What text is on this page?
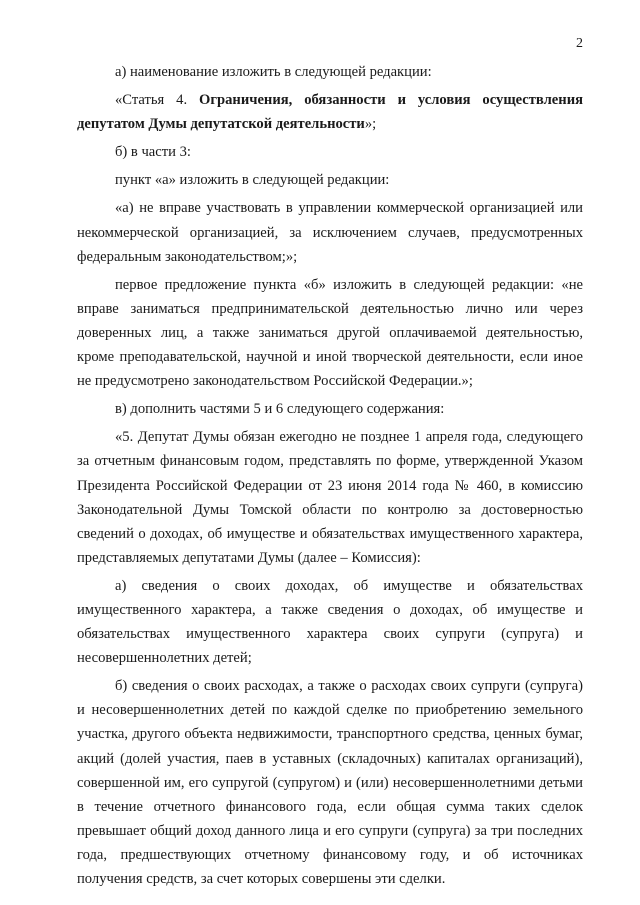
2

а) наименование изложить в следующей редакции:

«Статья 4. Ограничения, обязанности и условия осуществления

депутатом Думы депутатской деятельности»;

б) в части 3:

пункт «а» изложить в следующей редакции:

«а) не вправе участвовать в управлении коммерческой организацией или некоммерческой организацией, за исключением случаев, предусмотренных федеральным законодательством;»;

первое предложение пункта «б» изложить в следующей редакции: «не вправе заниматься предпринимательской деятельностью лично или через доверенных лиц, а также заниматься другой оплачиваемой деятельностью, кроме преподавательской, научной и иной творческой деятельности, если иное не предусмотрено законодательством Российской Федерации.»;

в) дополнить частями 5 и 6 следующего содержания:

«5. Депутат Думы обязан ежегодно не позднее 1 апреля года, следующего за отчетным финансовым годом, представлять по форме, утвержденной Указом Президента Российской Федерации от 23 июня 2014 года № 460, в комиссию Законодательной Думы Томской области по контролю за достоверностью сведений о доходах, об имуществе и обязательствах имущественного характера, представляемых депутатами Думы (далее – Комиссия):

а) сведения о своих доходах, об имуществе и обязательствах имущественного характера, а также сведения о доходах, об имуществе и обязательствах имущественного характера своих супруги (супруга) и несовершеннолетних детей;

б) сведения о своих расходах, а также о расходах своих супруги (супруга) и несовершеннолетних детей по каждой сделке по приобретению земельного участка, другого объекта недвижимости, транспортного средства, ценных бумаг, акций (долей участия, паев в уставных (складочных) капиталах организаций), совершенной им, его супругой (супругом) и (или) несовершеннолетними детьми в течение отчетного финансового года, если общая сумма таких сделок превышает общий доход данного лица и его супруги (супруга) за три последних года, предшествующих отчетному финансовому году, и об источниках получения средств, за счет которых совершены эти сделки.
